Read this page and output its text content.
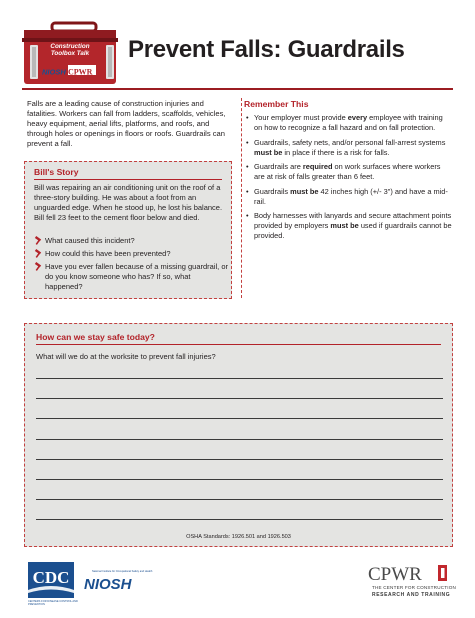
Construction
Toolbox Talk
CPWR
NIOSH
Prevent Falls: Guardrails

Falls are a leading cause of construction injuries and fatalities. Workers can fall from ladders, scaffolds, vehicles, heavy equipment, aerial lifts, platforms, and roofs, and through holes or openings in floors or roofs. Guardrails can prevent a fall.

Bill's Story

Bill was repairing an air conditioning unit on the roof of a three-story building. He was about a foot from an unguarded edge. When he stood up, he lost his balance. Bill fell 23 feet to the cement floor below and died.

What caused this incident?
How could this have been prevented?
Have you ever fallen because of a missing guardrail, or do you know someone who has? If so, what happened?
Remember This
• Your employer must provide every employee with training on how to recognize a fall hazard and on fall protection.
• Guardrails, safety nets, and/or personal fall-arrest systems must be in place if there is a risk for falls.
• Guardrails are required on work surfaces where workers are at risk of falls greater than 6 feet.
• Guardrails must be 42 inches high (+/- 3") and have a mid-rail.
• Body harnesses with lanyards and secure attachment points provided by employers must be used if guardrails cannot be provided.
How can we stay safe today?

What will we do at the worksite to prevent fall injuries?

OSHA Standards: 1926.501 and 1926.503

CDC

CENTERS FOR DISEASE CONTROL AND PREVENTION

National Institute for Occupational Safety and Health
NIOSH	CPWR

THE CENTER FOR CONSTRUCTION

RESEARCH AND TRAINING
